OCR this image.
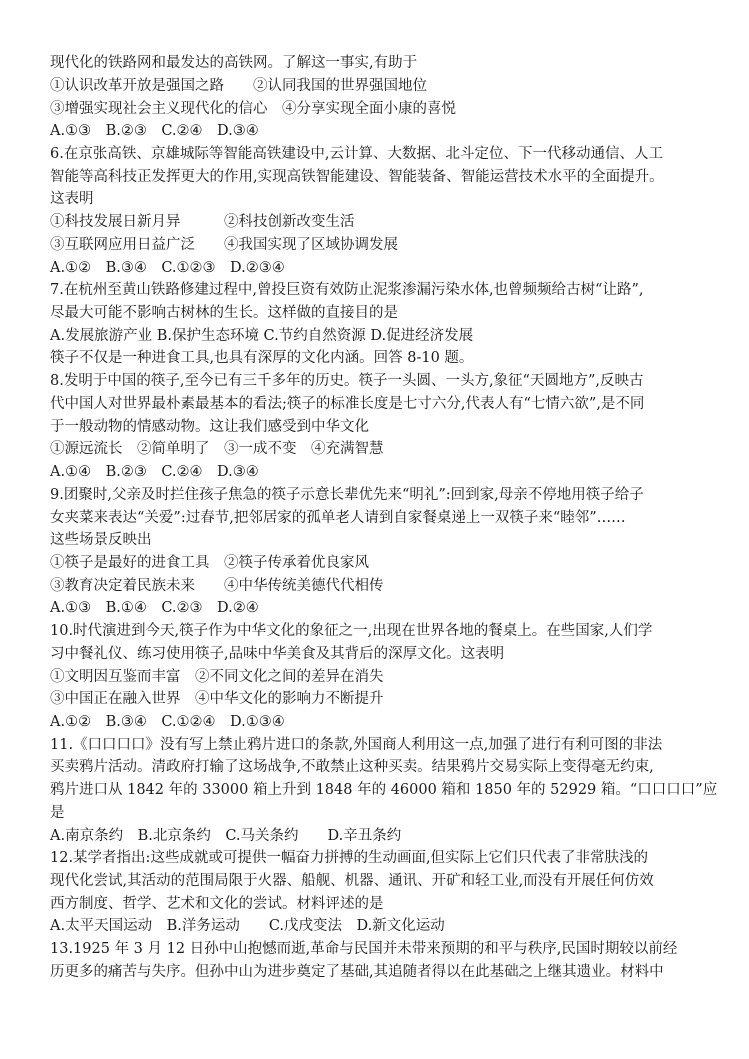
现代化的铁路网和最发达的高铁网。了解这一事实,有助于
①认识改革开放是强国之路　　②认同我国的世界强国地位
③增强实现社会主义现代化的信心　④分享实现全面小康的喜悦
A.①③　B.②③　C.②④　D.③④
6.在京张高铁、京雄城际等智能高铁建设中,云计算、大数据、北斗定位、下一代移动通信、人工
智能等高科技正发挥更大的作用,实现高铁智能建设、智能装备、智能运营技术水平的全面提升。
这表明
①科技发展日新月异　　　②科技创新改变生活
③互联网应用日益广泛　　④我国实现了区域协调发展
A.①②　B.③④　C.①②③　D.②③④
7.在杭州至黄山铁路修建过程中,曾投巨资有效防止泥浆渗漏污染水体,也曾频频给古树“让路”,
尽最大可能不影响古树林的生长。这样做的直接目的是
A.发展旅游产业 B.保护生态环境 C.节约自然资源 D.促进经济发展
筷子不仅是一种进食工具,也具有深厚的文化内涵。回答 8-10 题。
8.发明于中国的筷子,至今已有三千多年的历史。筷子一头圆、一头方,象征“天圆地方”,反映古
代中国人对世界最朴素最基本的看法;筷子的标准长度是七寸六分,代表人有“七情六欲”,是不同
于一般动物的情感动物。这让我们感受到中华文化
①源远流长　②简单明了　③一成不变　④充满智慧
A.①④　B.②③　C.②④　D.③④
9.团聚时,父亲及时拦住孩子焦急的筷子示意长辈优先来“明礼”:回到家,母亲不停地用筷子给子
女夹菜来表达“关爱”:过春节,把邻居家的孤单老人请到自家餐桌递上一双筷子来“睦邻”……
这些场景反映出
①筷子是最好的进食工具　②筷子传承着优良家风
③教育决定着民族未来　　④中华传统美德代代相传
A.①③　B.①④　C.②③　D.②④
10.时代演进到今天,筷子作为中华文化的象征之一,出现在世界各地的餐桌上。在些国家,人们学
习中餐礼仪、练习使用筷子,品味中华美食及其背后的深厚文化。这表明
①文明因互鉴而丰富　②不同文化之间的差异在消失
③中国正在融入世界　④中华文化的影响力不断提升
A.①②　B.③④　C.①②④　D.①③④
11.《口口口口》没有写上禁止鸦片进口的条款,外国商人利用这一点,加强了进行有利可图的非法
买卖鸦片活动。清政府打输了这场战争,不敢禁止这种买卖。结果鸦片交易实际上变得毫无约束,
鸦片进口从 1842 年的 33000 箱上升到 1848 年的 46000 箱和 1850 年的 52929 箱。“口口口口”应
是
A.南京条约　B.北京条约　C.马关条约　　D.辛丑条约
12.某学者指出:这些成就或可提供一幅奋力拼搏的生动画面,但实际上它们只代表了非常肤浅的
现代化尝试,其活动的范围局限于火器、船舰、机器、通讯、开矿和轻工业,而没有开展任何仿效
西方制度、哲学、艺术和文化的尝试。材料评述的是
A.太平天国运动　B.洋务运动　　C.戊戌变法　D.新文化运动
13.1925 年 3 月 12 日孙中山抱憾而逝,革命与民国并未带来预期的和平与秩序,民国时期较以前经
历更多的痛苦与失序。但孙中山为进步奠定了基础,其追随者得以在此基础之上继其遗业。材料中
